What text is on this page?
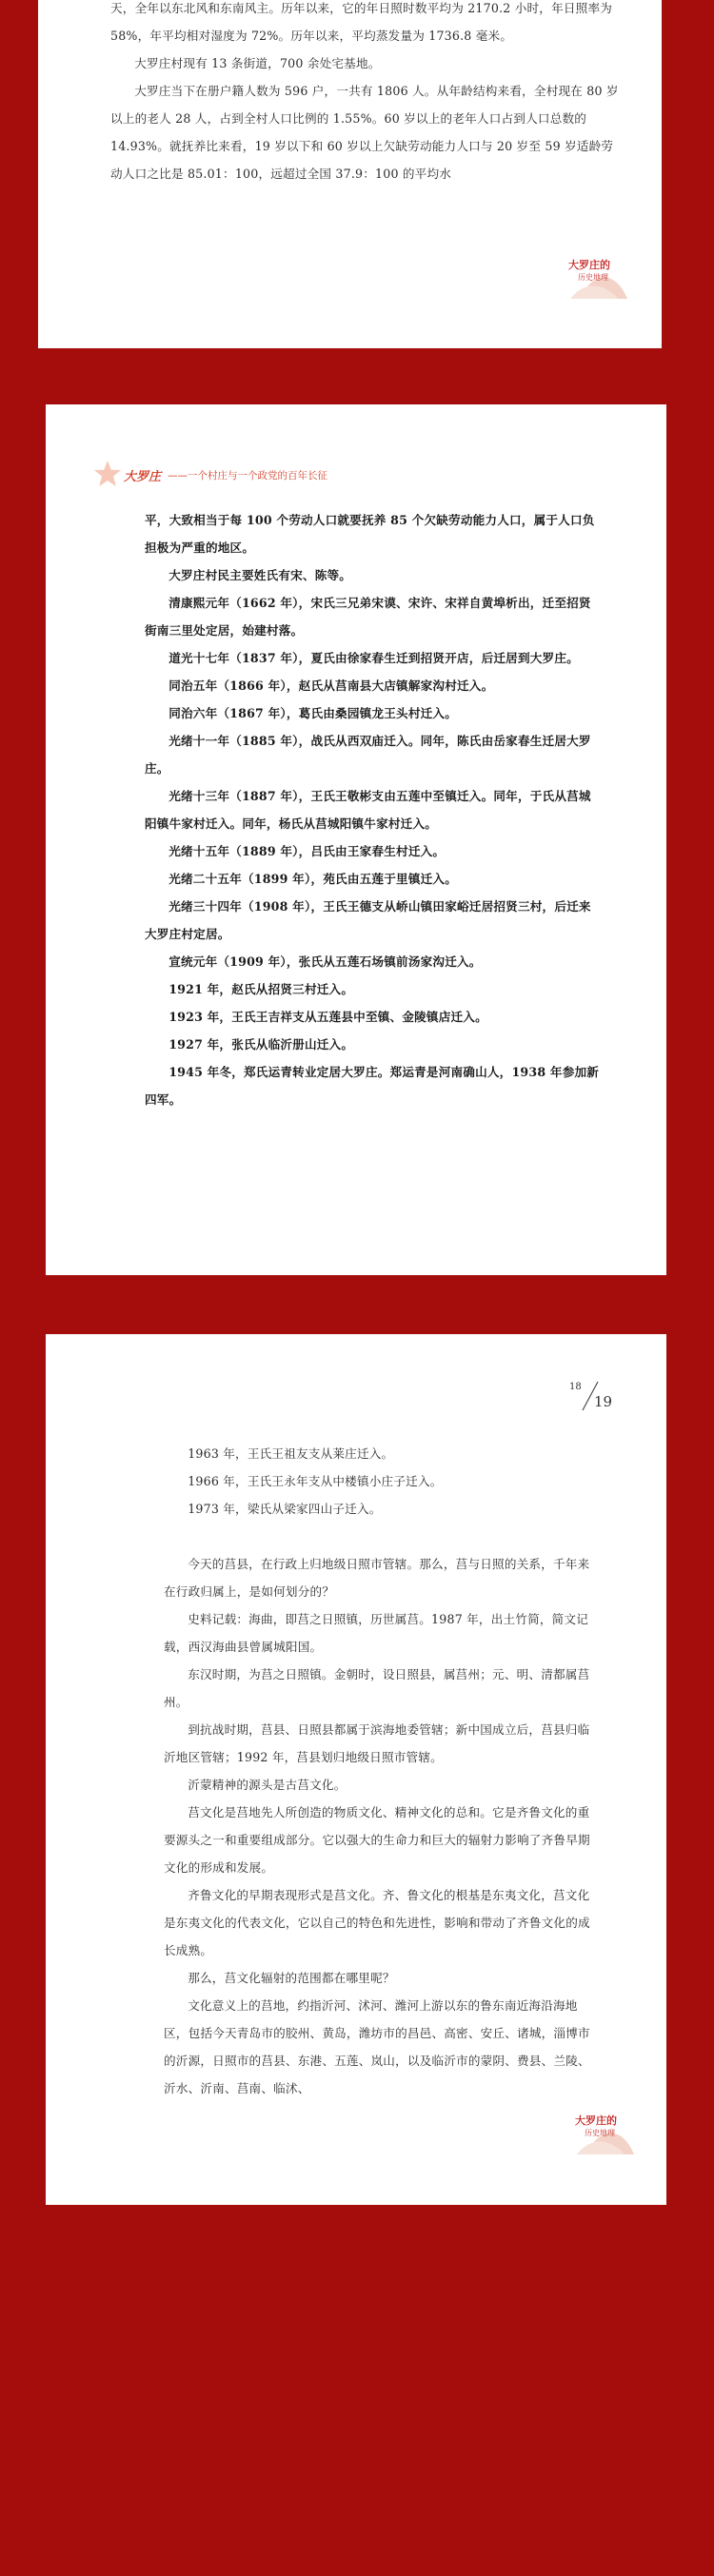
天，全年以东北风和东南风主。历年以来，它的年日照时数平均为 2170.2 小时，年日照率为 58%，年平均相对湿度为 72%。历年以来，平均蒸发量为 1736.8 毫米。

大罗庄村现有 13 条街道，700 余处宅基地。

大罗庄当下在册户籍人数为 596 户，一共有 1806 人。从年龄结构来看，全村现在 80 岁以上的老人 28 人，占到全村人口比例的 1.55%。60 岁以上的老年人口占到人口总数的 14.93%。就抚养比来看，19 岁以下和 60 岁以上欠缺劳动能力人口与 20 岁至 59 岁适龄劳动人口之比是 85.01：100，远超过全国 37.9：100 的平均水

大罗庄的
历史地理
大罗庄 ——一个村庄与一个政党的百年长征

平，大致相当于每 100 个劳动人口就要抚养 85 个欠缺劳动能力人口，属于人口负担极为严重的地区。

大罗庄村民主要姓氏有宋、陈等。

清康熙元年（1662 年），宋氏三兄弟宋谟、宋许、宋祥自黄埠析出，迁至招贤街南三里处定居，始建村落。

道光十七年（1837 年），夏氏由徐家春生迁到招贤开店，后迁居到大罗庄。

同治五年（1866 年），赵氏从莒南县大店镇解家沟村迁入。

同治六年（1867 年），葛氏由桑园镇龙王头村迁入。

光绪十一年（1885 年），战氏从西双庙迁入。同年，陈氏由岳家春生迁居大罗庄。

光绪十三年（1887 年），王氏王敬彬支由五莲中至镇迁入。同年，于氏从莒城阳镇牛家村迁入。同年，杨氏从莒城阳镇牛家村迁入。

光绪十五年（1889 年），吕氏由王家春生村迁入。

光绪二十五年（1899 年），苑氏由五莲于里镇迁入。

光绪三十四年（1908 年），王氏王德支从峤山镇田家峪迁居招贤三村，后迁来大罗庄村定居。

宣统元年（1909 年），张氏从五莲石场镇前汤家沟迁入。

1921 年，赵氏从招贤三村迁入。

1923 年，王氏王吉祥支从五莲县中至镇、金陵镇店迁入。

1927 年，张氏从临沂册山迁入。

1945 年冬，郑氏运青转业定居大罗庄。郑运青是河南确山人，1938 年参加新四军。

18
19

1963 年，王氏王祖友支从莱庄迁入。

1966 年，王氏王永年支从中楼镇小庄子迁入。

1973 年，梁氏从梁家四山子迁入。

今天的莒县，在行政上归地级日照市管辖。那么，莒与日照的关系，千年来在行政归属上，是如何划分的？

史料记载：海曲，即莒之日照镇，历世属莒。1987 年，出土竹简，简文记载，西汉海曲县曾属城阳国。

东汉时期，为莒之日照镇。金朝时，设日照县，属莒州；元、明、清都属莒州。

到抗战时期，莒县、日照县都属于滨海地委管辖；新中国成立后，莒县归临沂地区管辖；1992 年，莒县划归地级日照市管辖。

沂蒙精神的源头是古莒文化。

莒文化是莒地先人所创造的物质文化、精神文化的总和。它是齐鲁文化的重要源头之一和重要组成部分。它以强大的生命力和巨大的辐射力影响了齐鲁早期文化的形成和发展。

齐鲁文化的早期表现形式是莒文化。齐、鲁文化的根基是东夷文化，莒文化是东夷文化的代表文化，它以自己的特色和先进性，影响和带动了齐鲁文化的成长成熟。

那么，莒文化辐射的范围都在哪里呢？

文化意义上的莒地，约指沂河、沭河、潍河上游以东的鲁东南近海沿海地区，包括今天青岛市的胶州、黄岛，潍坊市的昌邑、高密、安丘、诸城，淄博市的沂源，日照市的莒县、东港、五莲、岚山，以及临沂市的蒙阴、费县、兰陵、沂水、沂南、莒南、临沭、

大罗庄的
历史地理
